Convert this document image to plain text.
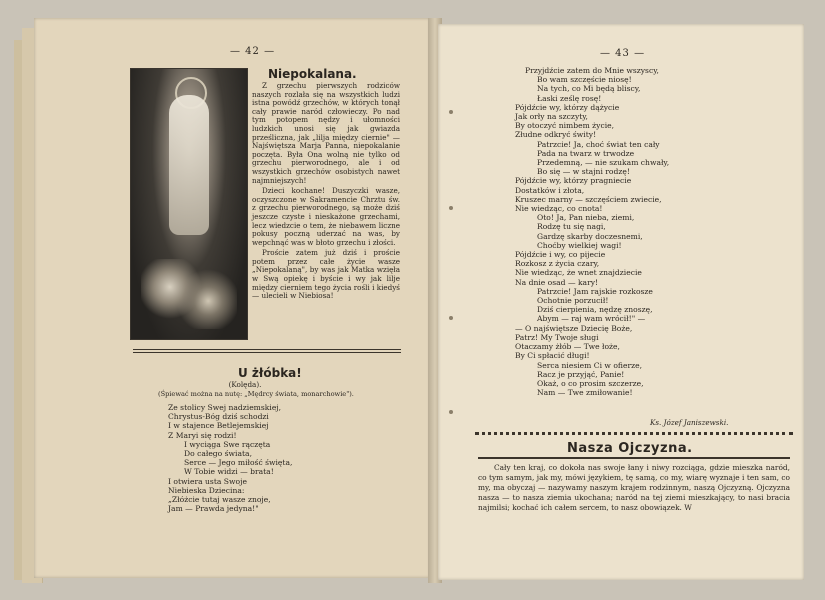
— 42 —
Niepokalana.

Z grzechu pierwszych rodziców naszych rozlała się na wszystkich ludzi istna powódź grzechów, w których tonął cały prawie naród człowieczy. Po nad tym potopem nędzy i ułomności ludzkich unosi się jak gwiazda prześliczna, jak „lilja między ciernie" — Najświętsza Marja Panna, niepokalanie poczęta. Była Ona wolną nie tylko od grzechu pierworodnego, ale i od wszystkich grzechów osobistych nawet najmniejszych!

Dzieci kochane! Duszyczki wasze, oczyszczone w Sakramencie Chrztu św. z grzechu pierworodnego, są może dziś jeszcze czyste i nieskażone grzechami, lecz wiedzcie o tem, że niebawem liczne pokusy poczną uderzać na was, by wepchnąć was w błoto grzechu i złości.

Proście zatem już dziś i proście potem przez całe życie wasze „Niepokalaną", by was jak Matka wzięła w Swą opiekę i byście i wy jak lilje między cierniem tego życia rośli i kiedyś — ulecieli w Niebiosa!

U żłóbka!
(Kolęda).
(Śpiewać można na nutę: „Mędrcy świata, monarchowie").
Ze stolicy Swej nadziemskiej,
Chrystus-Bóg dziś schodzi
I w stajence Betlejemskiej
Z Maryi się rodzi!
I wyciąga Swe rączęta
Do całego świata,
Serce — Jego miłość święta,
W Tobie widzi — brata!
I otwiera usta Swoje
Niebieska Dziecina:
„Złóżcie tutaj wasze znoje,
Jam — Prawda jedyna!"
— 43 —
Przyjdźcie zatem do Mnie wszyscy,
Bo wam szczęście niosę!
Na tych, co Mi będą bliscy,
Łaski ześlę rosę!
Pójdźcie wy, którzy dążycie
Jak orły na szczyty,
By otoczyć nimbem życie,
Złudne odkryć świty!
Patrzcie! Ja, choć świat ten cały
Pada na twarz w trwodze
Przedemną, — nie szukam chwały,
Bo się — w stajni rodzę!
Pójdźcie wy, którzy pragniecie
Dostatków i złota,
Kruszec marny — szczęściem zwiecie,
Nie wiedząc, co cnota!
Oto! Ja, Pan nieba, ziemi,
Rodzę tu się nagi,
Gardzę skarby doczesnemi,
Choćby wielkiej wagi!
Pójdźcie i wy, co pijecie
Rozkosz z życia czary,
Nie wiedząc, że wnet znajdziecie
Na dnie osad — kary!
Patrzcie! Jam rajskie rozkosze
Ochotnie porzucił!
Dziś cierpienia, nędzę znoszę,
Abym — raj wam wrócił!" —
— O najświętsze Dziecię Boże,
Patrz! My Twoje sługi
Otaczamy żłób — Twe łoże,
By Ci spłacić długi!
Serca niesiem Ci w ofierze,
Racz je przyjąć, Panie!
Okaż, o co prosim szczerze,
Nam — Twe zmiłowanie!
Ks. Józef Janiszewski.
Nasza Ojczyzna.
Cały ten kraj, co dokoła nas swoje łany i niwy rozciąga, gdzie mieszka naród, co tym samym, jak my, mówi językiem, tę samą, co my, wiarę wyznaje i ten sam, co my, ma obyczaj — nazywamy naszym krajem rodzinnym, naszą Ojczyzną. Ojczyzna nasza — to nasza ziemia ukochana; naród na tej ziemi mieszkający, to nasi bracia najmilsi; kochać ich całem sercem, to nasz obowiązek. W
